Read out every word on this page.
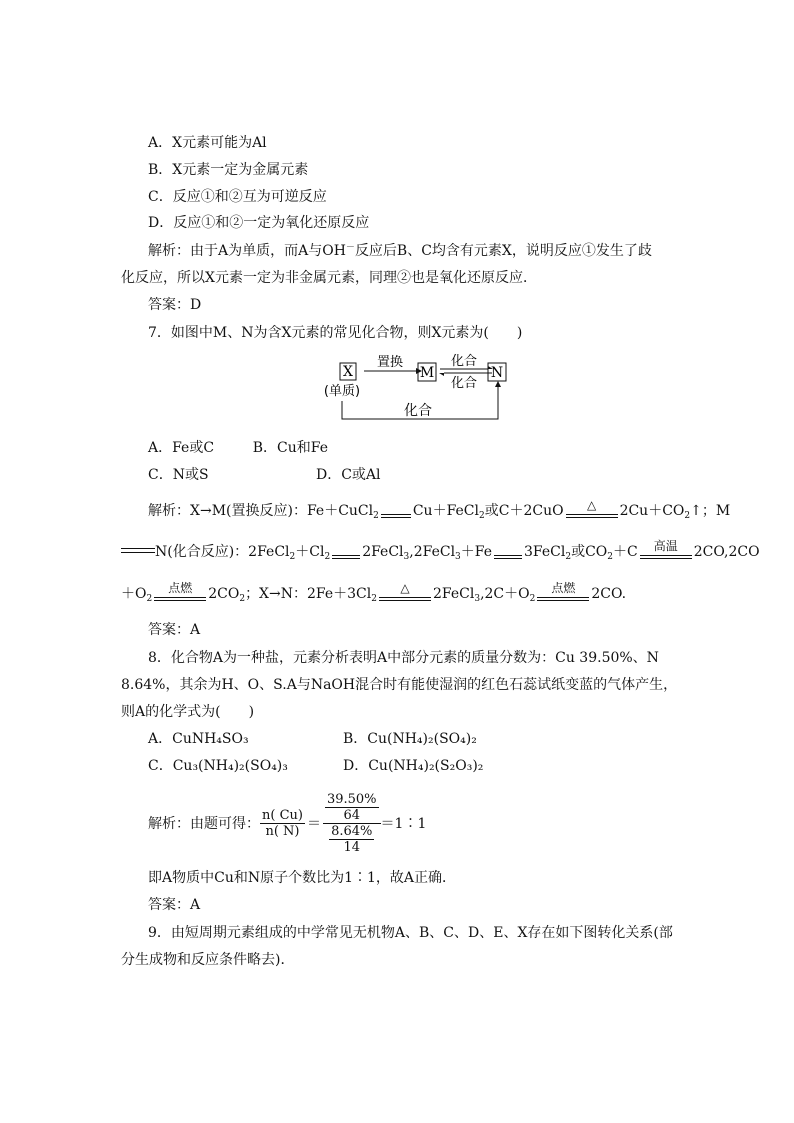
A．X元素可能为Al
B．X元素一定为金属元素
C．反应①和②互为可逆反应
D．反应①和②一定为氧化还原反应
解析：由于A为单质，而A与OH－反应后B、C均含有元素X，说明反应①发生了歧
化反应，所以X元素一定为非金属元素，同理②也是氧化还原反应．
答案：D
7．如图中M、N为含X元素的常见化合物，则X元素为(　　)
X
(单质)
置换
M
化合
化合
N
化合
A．Fe或C	B．Cu和Fe
C．N或S	D．C或Al
解析：X→M(置换反应)：Fe＋CuCl$_2$ Cu＋FeCl$_2$或C＋2CuO	△	$2Cu+CO_2↑$；M
N(化合反应)：$2FeCl_2+Cl_2$ 2FeCl$_3$,2FeCl$_3$＋Fe 3FeCl$_2$或$CO_2+C$	高温	2CO,2CO
$+O_2$
点燃	$2CO_2$；X→N：$2Fe+3Cl_2$
△	$2FeCl_3,2C+O_2$
点燃	2CO.
答案：A
8．化合物A为一种盐，元素分析表明A中部分元素的质量分数为：Cu 39.50%、N
8.64%，其余为H、O、S.A与NaOH混合时有能使湿润的红色石蕊试纸变蓝的气体产生，
则A的化学式为(　　)
A．CuNH₄SO₃	B．Cu(NH₄)₂(SO₄)₂
C．Cu₃(NH₄)₂(SO₄)₃	D．Cu(NH₄)₂(S₂O₃)₂
解析：由题可得： $\frac{n( Cu)}{n( N)} = \frac{\frac{39.50\%}{64}}{\frac{8.64\%}{14}}$ ＝1∶1
即A物质中Cu和N原子个数比为1∶1，故A正确．
答案：A
9．由短周期元素组成的中学常见无机物A、B、C、D、E、X存在如下图转化关系(部
分生成物和反应条件略去)．
